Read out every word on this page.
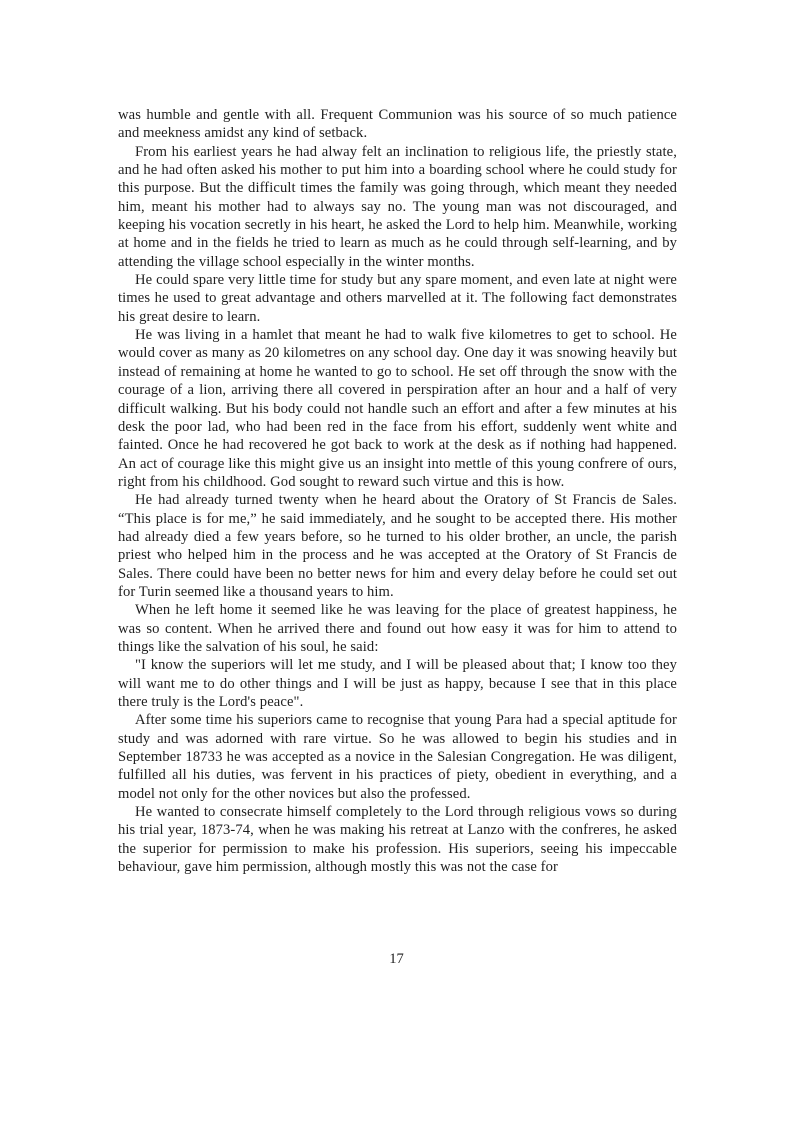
was humble and gentle with all. Frequent Communion was his source of so much patience and meekness amidst any kind of setback.

From his earliest years he had alway felt an inclination to religious life, the priestly state, and he had often asked his mother to put him into a boarding school where he could study for this purpose. But the difficult times the family was going through, which meant they needed him, meant his mother had to always say no. The young man was not discouraged, and keeping his vocation secretly in his heart, he asked the Lord to help him. Meanwhile, working at home and in the fields he tried to learn as much as he could through self-learning, and by attending the village school especially in the winter months.

He could spare very little time for study but any spare moment, and even late at night were times he used to great advantage and others marvelled at it. The following fact demonstrates his great desire to learn.

He was living in a hamlet that meant he had to walk five kilometres to get to school. He would cover as many as 20 kilometres on any school day. One day it was snowing heavily but instead of remaining at home he wanted to go to school. He set off through the snow with the courage of a lion, arriving there all covered in perspiration after an hour and a half of very difficult walking. But his body could not handle such an effort and after a few minutes at his desk the poor lad, who had been red in the face from his effort, suddenly went white and fainted. Once he had recovered he got back to work at the desk as if nothing had happened. An act of courage like this might give us an insight into mettle of this young confrere of ours, right from his childhood. God sought to reward such virtue and this is how.

He had already turned twenty when he heard about the Oratory of St Francis de Sales. “This place is for me,” he said immediately, and he sought to be accepted there. His mother had already died a few years before, so he turned to his older brother, an uncle, the parish priest who helped him in the process and he was accepted at the Oratory of St Francis de Sales. There could have been no better news for him and every delay before he could set out for Turin seemed like a thousand years to him.

When he left home it seemed like he was leaving for the place of greatest happiness, he was so content. When he arrived there and found out how easy it was for him to attend to things like the salvation of his soul, he said:

"I know the superiors will let me study, and I will be pleased about that; I know too they will want me to do other things and I will be just as happy, because I see that in this place there truly is the Lord's peace".

After some time his superiors came to recognise that young Para had a special aptitude for study and was adorned with rare virtue. So he was allowed to begin his studies and in September 18733 he was accepted as a novice in the Salesian Congregation. He was diligent, fulfilled all his duties, was fervent in his practices of piety, obedient in everything, and a model not only for the other novices but also the professed.

He wanted to consecrate himself completely to the Lord through religious vows so during his trial year, 1873-74, when he was making his retreat at Lanzo with the confreres, he asked the superior for permission to make his profession. His superiors, seeing his impeccable behaviour, gave him permission, although mostly this was not the case for

17
